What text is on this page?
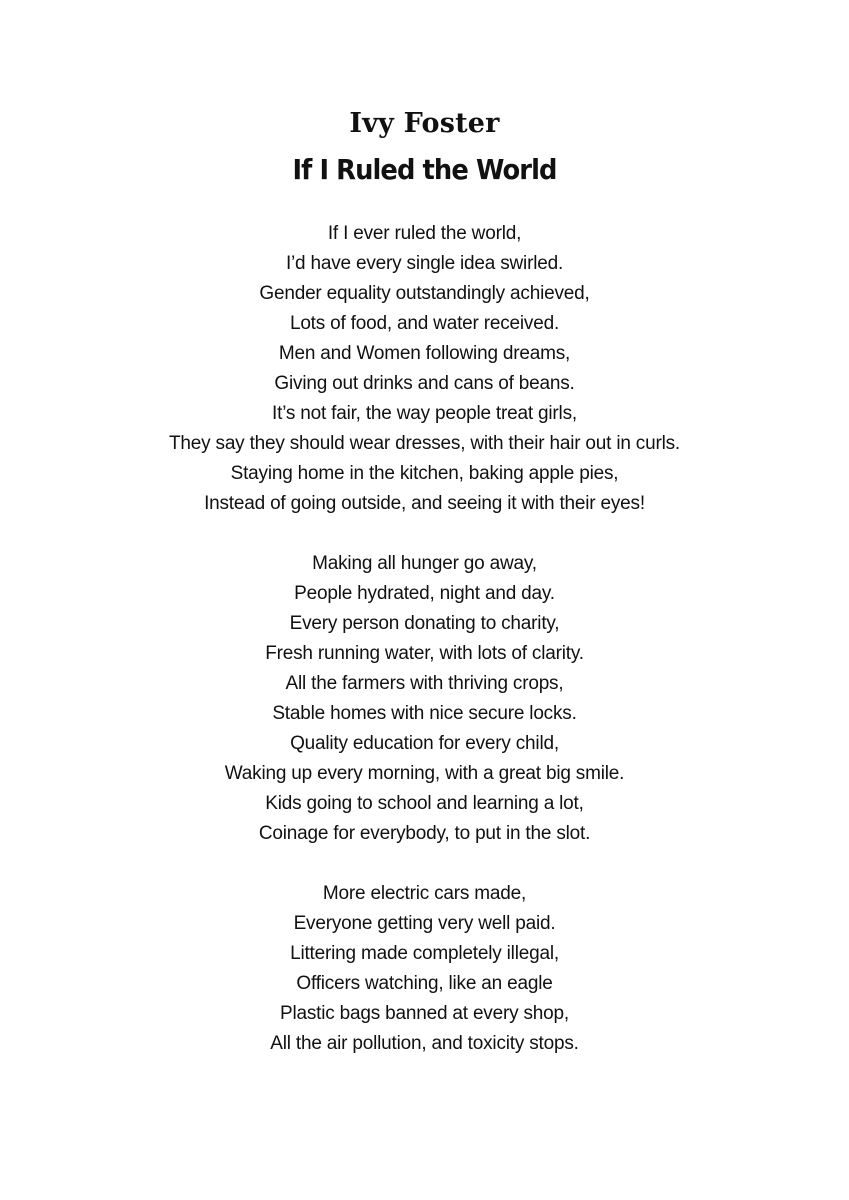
Ivy Foster
If I Ruled the World
If I ever ruled the world,
I’d have every single idea swirled.
Gender equality outstandingly achieved,
Lots of food, and water received.
Men and Women following dreams,
Giving out drinks and cans of beans.
It’s not fair, the way people treat girls,
They say they should wear dresses, with their hair out in curls.
Staying home in the kitchen, baking apple pies,
Instead of going outside, and seeing it with their eyes!
Making all hunger go away,
People hydrated, night and day.
Every person donating to charity,
Fresh running water, with lots of clarity.
All the farmers with thriving crops,
Stable homes with nice secure locks.
Quality education for every child,
Waking up every morning, with a great big smile.
Kids going to school and learning a lot,
Coinage for everybody, to put in the slot.
More electric cars made,
Everyone getting very well paid.
Littering made completely illegal,
Officers watching, like an eagle
Plastic bags banned at every shop,
All the air pollution, and toxicity stops.
